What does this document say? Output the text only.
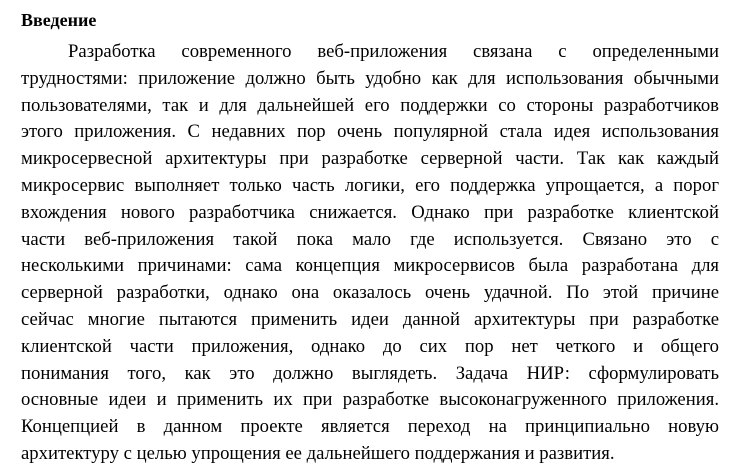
Введение
Разработка современного веб-приложения связана с определенными
трудностями: приложение должно быть удобно как для использования обычными
пользователями, так и для дальнейшей его поддержки со стороны разработчиков
этого приложения. С недавних пор очень популярной стала идея использования
микросервесной архитектуры при разработке серверной части. Так как каждый
микросервис выполняет только часть логики, его поддержка упрощается, а порог
вхождения нового разработчика снижается. Однако при разработке клиентской
части веб-приложения такой пока мало где используется. Связано это с
несколькими причинами: сама концепция микросервисов была разработана для
серверной разработки, однако она оказалось очень удачной. По этой причине
сейчас многие пытаются применить идеи данной архитектуры при разработке
клиентской части приложения, однако до сих пор нет четкого и общего
понимания того, как это должно выглядеть. Задача НИР: сформулировать
основные идеи и применить их при разработке высоконагруженного приложения.
Концепцией в данном проекте является переход на принципиально новую
архитектуру с целью упрощения ее дальнейшего поддержания и развития.
